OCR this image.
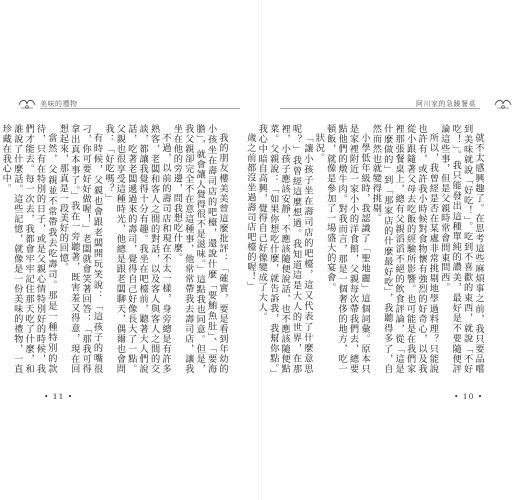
美味的禮物	阿川家的急躁餐桌

我的朋友樓美美曾這麼批評：「確實，要是看到年幼的小孩坐在壽司店的吧檯，還說什麼「要鮪魚肚」、「要海膽」，就會讓人覺得很不是滋味。」這點我也同意。但是，我父親卻完全不在意這種事，他常常帶我去壽司店，讓我坐在他的旁邊，問我想吃什麼。

不過，以前的壽司店和現在不太一樣，身旁總是有許多熟客，老闆和客人之間的對話，以及客人與客人之間的交談，都讓我覺得十分有趣。我坐在吧檯前，聽著大人們說話，吃著老闆遞過來的壽司，覺得自己好像長大了一點。父親也很享受這種時光，他總是跟老闆聊天，偶爾也會問我：「好吃嗎？」

有時候，父親也會跟老闆開玩笑說：「這孩子的嘴很刁，你可要好好做喔！」老闆就會笑著回答：「那我可得拿出真本事了。」我在一旁聽著，既害羞又得意，現在回想起來，那真是一段美好的回憶。

當然，父親並不常帶我去吃壽司。那是一種特別的款待，只有在特別的日子，或是父親心情特別好的時候，我們才能去。每一次去，我都會牢牢記住那天吃了什麼，和誰說了什麼話。這些記憶，就像是一份美味的禮物，一直珍藏在我心中。	就不太感興趣了。在思考這些麻煩事之前，我只要品嚐到美味就說「好吃！」。吃到不喜歡的東西，就說「不好吃！」。我只能發出這種單純的讚美，最好是不要隨便評論這些事，但是父親時常會問東問西。

所以，我曾經是否在某處非常挑剔地學過料理？只能說也許有，或許我小時候對食物懷有強烈的好奇心，以及我從小跟隨著父母去吃飯的經驗所影響。也可能是在我們家裡那張餐桌上，總有父親滔滔不絕的飲食評論，從「這是什麼做的」到「那家店的什麼最好吃」，我聽得多了，自然而然也就變得挑剔。

小學低年級時，我認識了「聖地麗」這個詞彙。原本只是家裡附近一家小小的洋食館，父親每次帶我們去，總要點他們的燉牛肉。對我而言，那是一個奢侈的地方，吃一頓飯，就像是參加了一場盛大的宴會。

狀況。

「讓小孩子坐在壽司店的吧檯，這又代表了什麼意思呢？」我曾經這麼想過。我知道這是大人的世界，在那裡，小孩子應該安靜，不應該隨便說話，也不應該隨便點菜。父親說：「如果你想吃什麼，就告訴我，我幫你點。」我心中暗自高興，覺得自己好像變成了大人。

歲之前都沒坐過壽司店吧檯的喔！」

• 11 •	• 10 •
